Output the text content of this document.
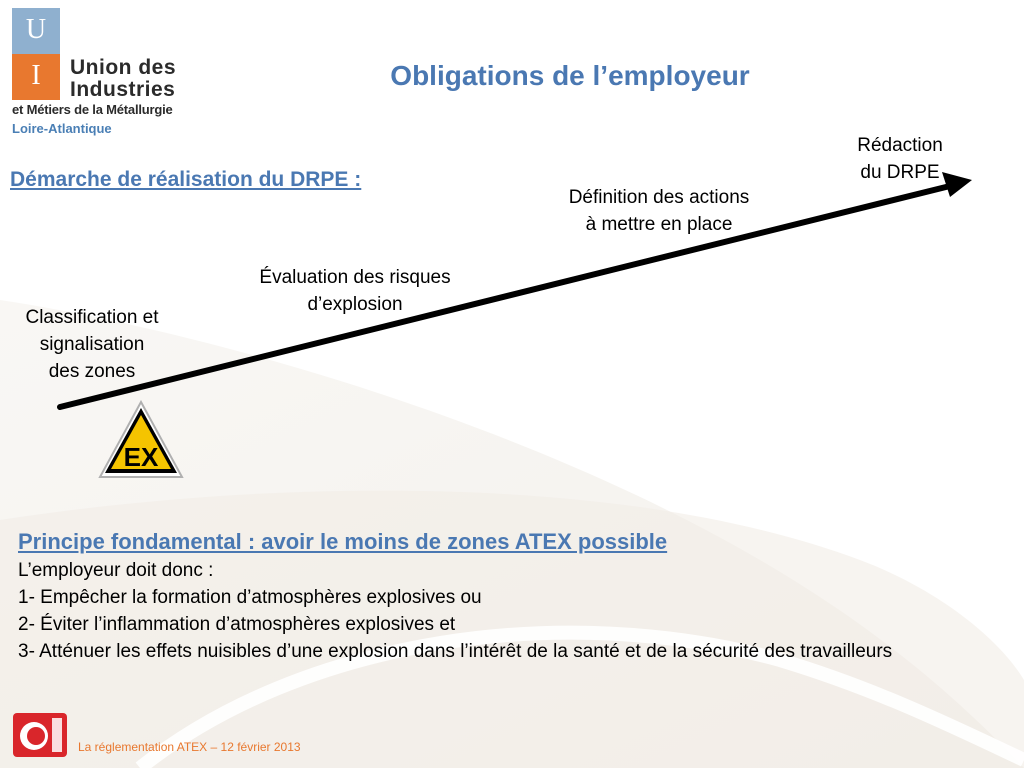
U
I	Union des
Industries
et Métiers de la Métallurgie
Loire-Atlantique
Obligations de l’employeur
Démarche de réalisation du DRPE :
Classification et
signalisation
des zones
Évaluation des risques
d’explosion
Définition des actions
à mettre en place
Rédaction
du DRPE
EX
Principe fondamental : avoir le moins de zones ATEX possible
L’employeur doit donc :
1- Empêcher la formation d’atmosphères explosives ou
2- Éviter l’inflammation d’atmosphères explosives et
3- Atténuer les effets nuisibles d’une explosion dans l’intérêt de la santé et de la sécurité des travailleurs
La réglementation ATEX – 12 février 2013
